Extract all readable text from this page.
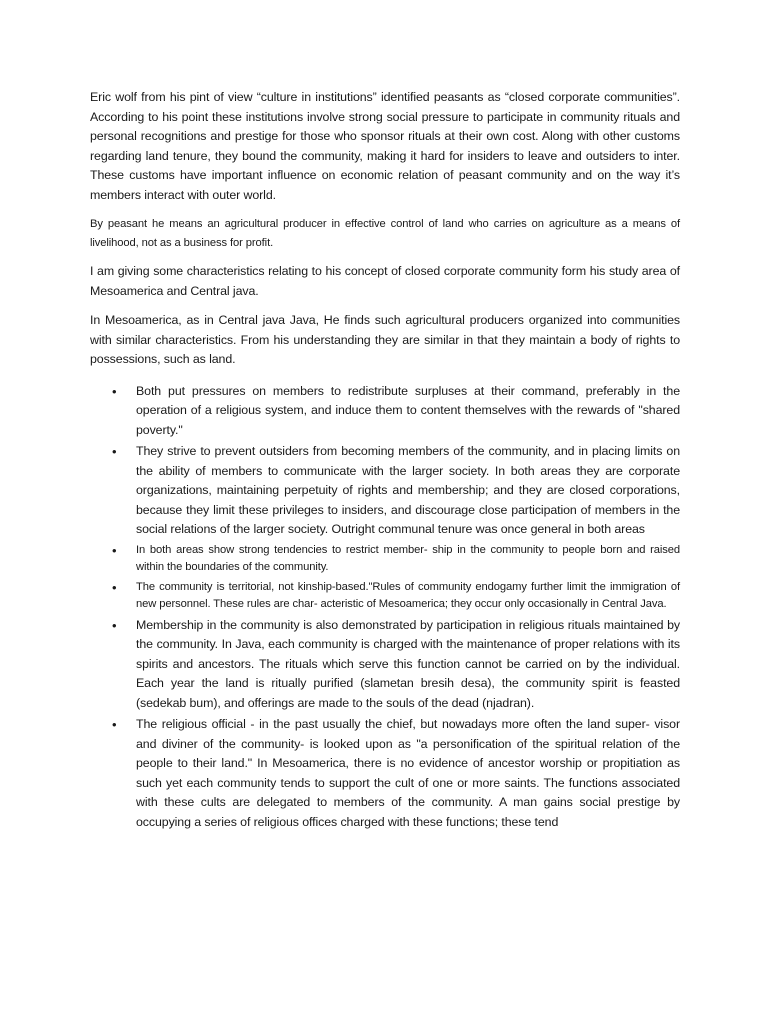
Eric wolf from his pint of view “culture in institutions” identified peasants as “closed corporate communities”. According to his point these institutions involve strong social pressure to participate in community rituals and personal recognitions and prestige for those who sponsor rituals at their own cost. Along with other customs regarding land tenure, they bound the community, making it hard for insiders to leave and outsiders to inter. These customs have important influence on economic relation of peasant community and on the way it’s members interact with outer world.

By peasant he means an agricultural producer in effective control of land who carries on agriculture as a means of livelihood, not as a business for profit.

I am giving some characteristics relating to his concept of closed corporate community form his study area of Mesoamerica and Central java.

In Mesoamerica, as in Central java Java, He finds such agricultural producers organized into communities with similar characteristics. From his understanding they are similar in that they maintain a body of rights to possessions, such as land.

• Both put pressures on members to redistribute surpluses at their command, preferably in the operation of a religious system, and induce them to content themselves with the rewards of "shared poverty."
• They strive to prevent outsiders from becoming members of the community, and in placing limits on the ability of members to communicate with the larger society. In both areas they are corporate organizations, maintaining perpetuity of rights and membership; and they are closed corporations, because they limit these privileges to insiders, and discourage close participation of members in the social relations of the larger society. Outright communal tenure was once general in both areas
• In both areas show strong tendencies to restrict member- ship in the community to people born and raised within the boundaries of the community.
• The community is territorial, not kinship-based."Rules of community endogamy further limit the immigration of new personnel. These rules are char- acteristic of Mesoamerica; they occur only occasionally in Central Java.
• Membership in the community is also demonstrated by participation in religious rituals maintained by the community. In Java, each community is charged with the maintenance of proper relations with its spirits and ancestors. The rituals which serve this function cannot be carried on by the individual. Each year the land is ritually purified (slametan bresih desa), the community spirit is feasted (sedekab bum), and offerings are made to the souls of the dead (njadran).
• The religious official - in the past usually the chief, but nowadays more often the land super- visor and diviner of the community- is looked upon as "a personification of the spiritual relation of the people to their land." In Mesoamerica, there is no evidence of ancestor worship or propitiation as such yet each community tends to support the cult of one or more saints. The functions associated with these cults are delegated to members of the community. A man gains social prestige by occupying a series of religious offices charged with these functions; these tend
